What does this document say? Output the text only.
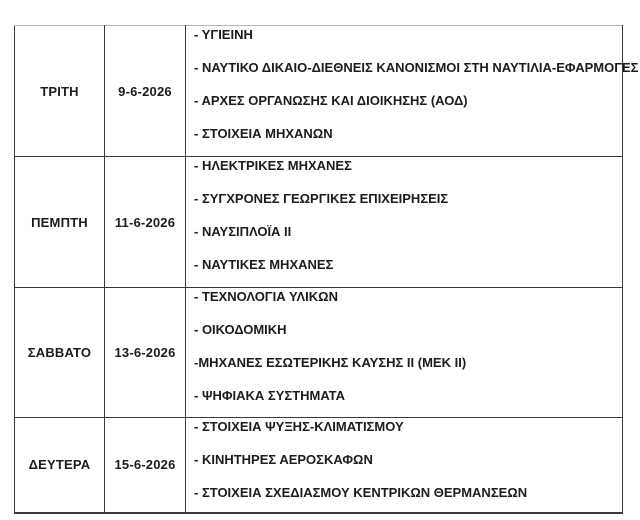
ΤΡΙΤΗ	9-6-2026	- ΥΓΙΕΙΝΗ
- ΝΑΥΤΙΚΟ ΔΙΚΑΙΟ-ΔΙΕΘΝΕΙΣ ΚΑΝΟΝΙΣΜΟΙ ΣΤΗ ΝΑΥΤΙΛΙΑ-ΕΦΑΡΜΟΓΕΣ
- ΑΡΧΕΣ ΟΡΓΑΝΩΣΗΣ ΚΑΙ ΔΙΟΙΚΗΣΗΣ (ΑΟΔ)
- ΣΤΟΙΧΕΙΑ ΜΗΧΑΝΩΝ

ΠΕΜΠΤΗ	11-6-2026	- ΗΛΕΚΤΡΙΚΕΣ ΜΗΧΑΝΕΣ
- ΣΥΓΧΡΟΝΕΣ ΓΕΩΡΓΙΚΕΣ ΕΠΙΧΕΙΡΗΣΕΙΣ
- ΝΑΥΣΙΠΛΟΪΑ ΙΙ
- ΝΑΥΤΙΚΕΣ ΜΗΧΑΝΕΣ

ΣΑΒΒΑΤΟ	13-6-2026	- ΤΕΧΝΟΛΟΓΙΑ ΥΛΙΚΩΝ
- ΟΙΚΟΔΟΜΙΚΗ
-ΜΗΧΑΝΕΣ ΕΣΩΤΕΡΙΚΗΣ ΚΑΥΣΗΣ ΙΙ (ΜΕΚ ΙΙ)
- ΨΗΦΙΑΚΑ ΣΥΣΤΗΜΑΤΑ

ΔΕΥΤΕΡΑ	15-6-2026	- ΣΤΟΙΧΕΙΑ ΨΥΞΗΣ-ΚΛΙΜΑΤΙΣΜΟΥ
- ΚΙΝΗΤΗΡΕΣ ΑΕΡΟΣΚΑΦΩΝ
- ΣΤΟΙΧΕΙΑ ΣΧΕΔΙΑΣΜΟΥ ΚΕΝΤΡΙΚΩΝ ΘΕΡΜΑΝΣΕΩΝ
